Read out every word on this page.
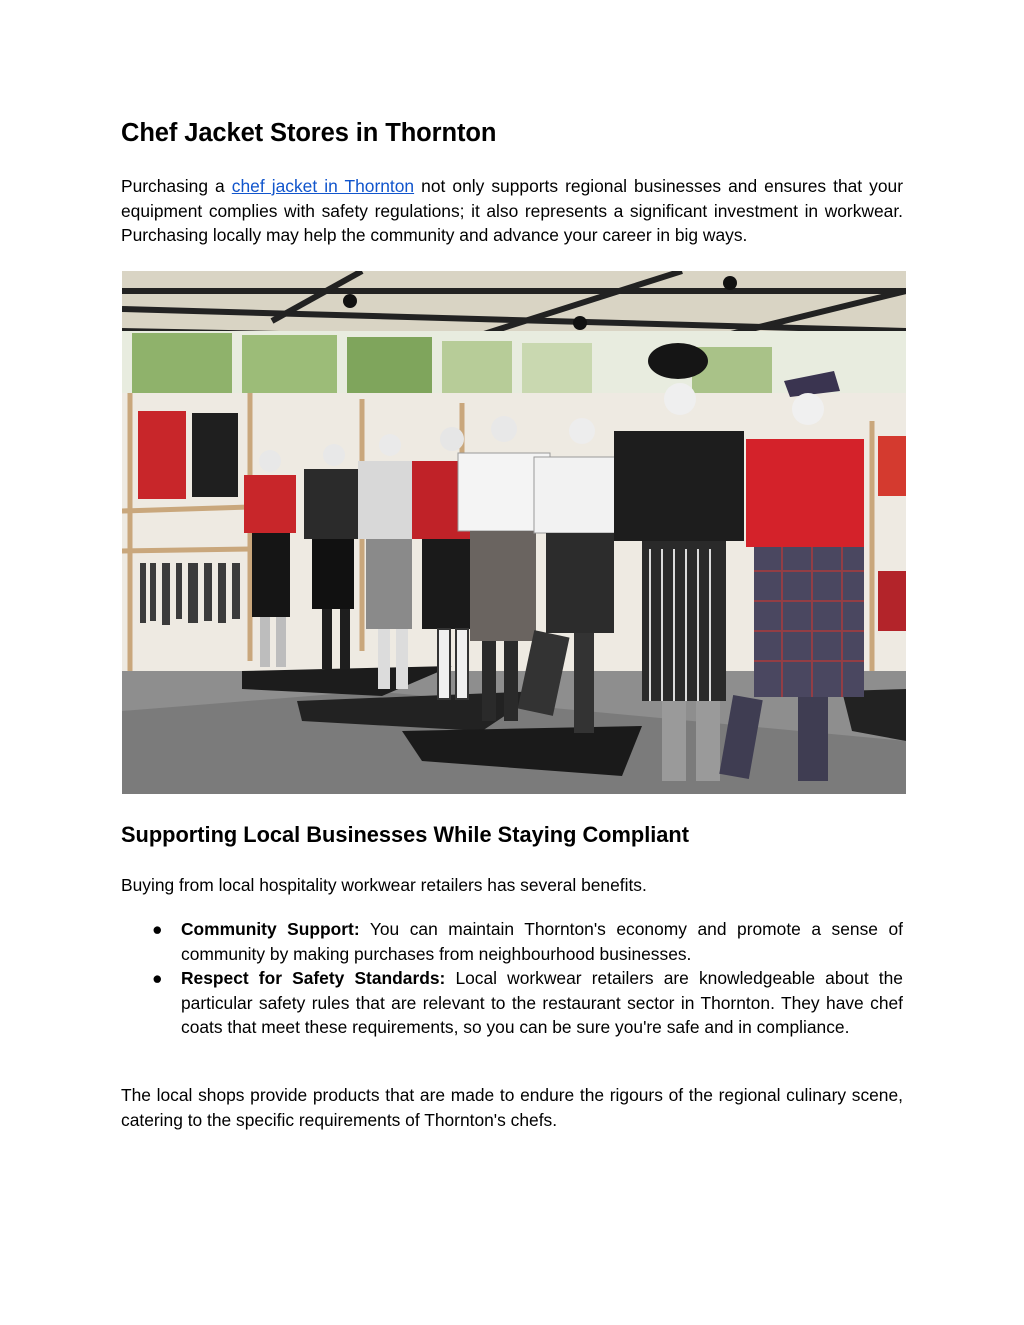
Chef Jacket Stores in Thornton

Purchasing a chef jacket in Thornton not only supports regional businesses and ensures that your equipment complies with safety regulations; it also represents a significant investment in workwear. Purchasing locally may help the community and advance your career in big ways.

Supporting Local Businesses While Staying Compliant

Buying from local hospitality workwear retailers has several benefits.

● Community Support: You can maintain Thornton's economy and promote a sense of community by making purchases from neighbourhood businesses.
● Respect for Safety Standards: Local workwear retailers are knowledgeable about the particular safety rules that are relevant to the restaurant sector in Thornton. They have chef coats that meet these requirements, so you can be sure you're safe and in compliance.

The local shops provide products that are made to endure the rigours of the regional culinary scene, catering to the specific requirements of Thornton's chefs.
